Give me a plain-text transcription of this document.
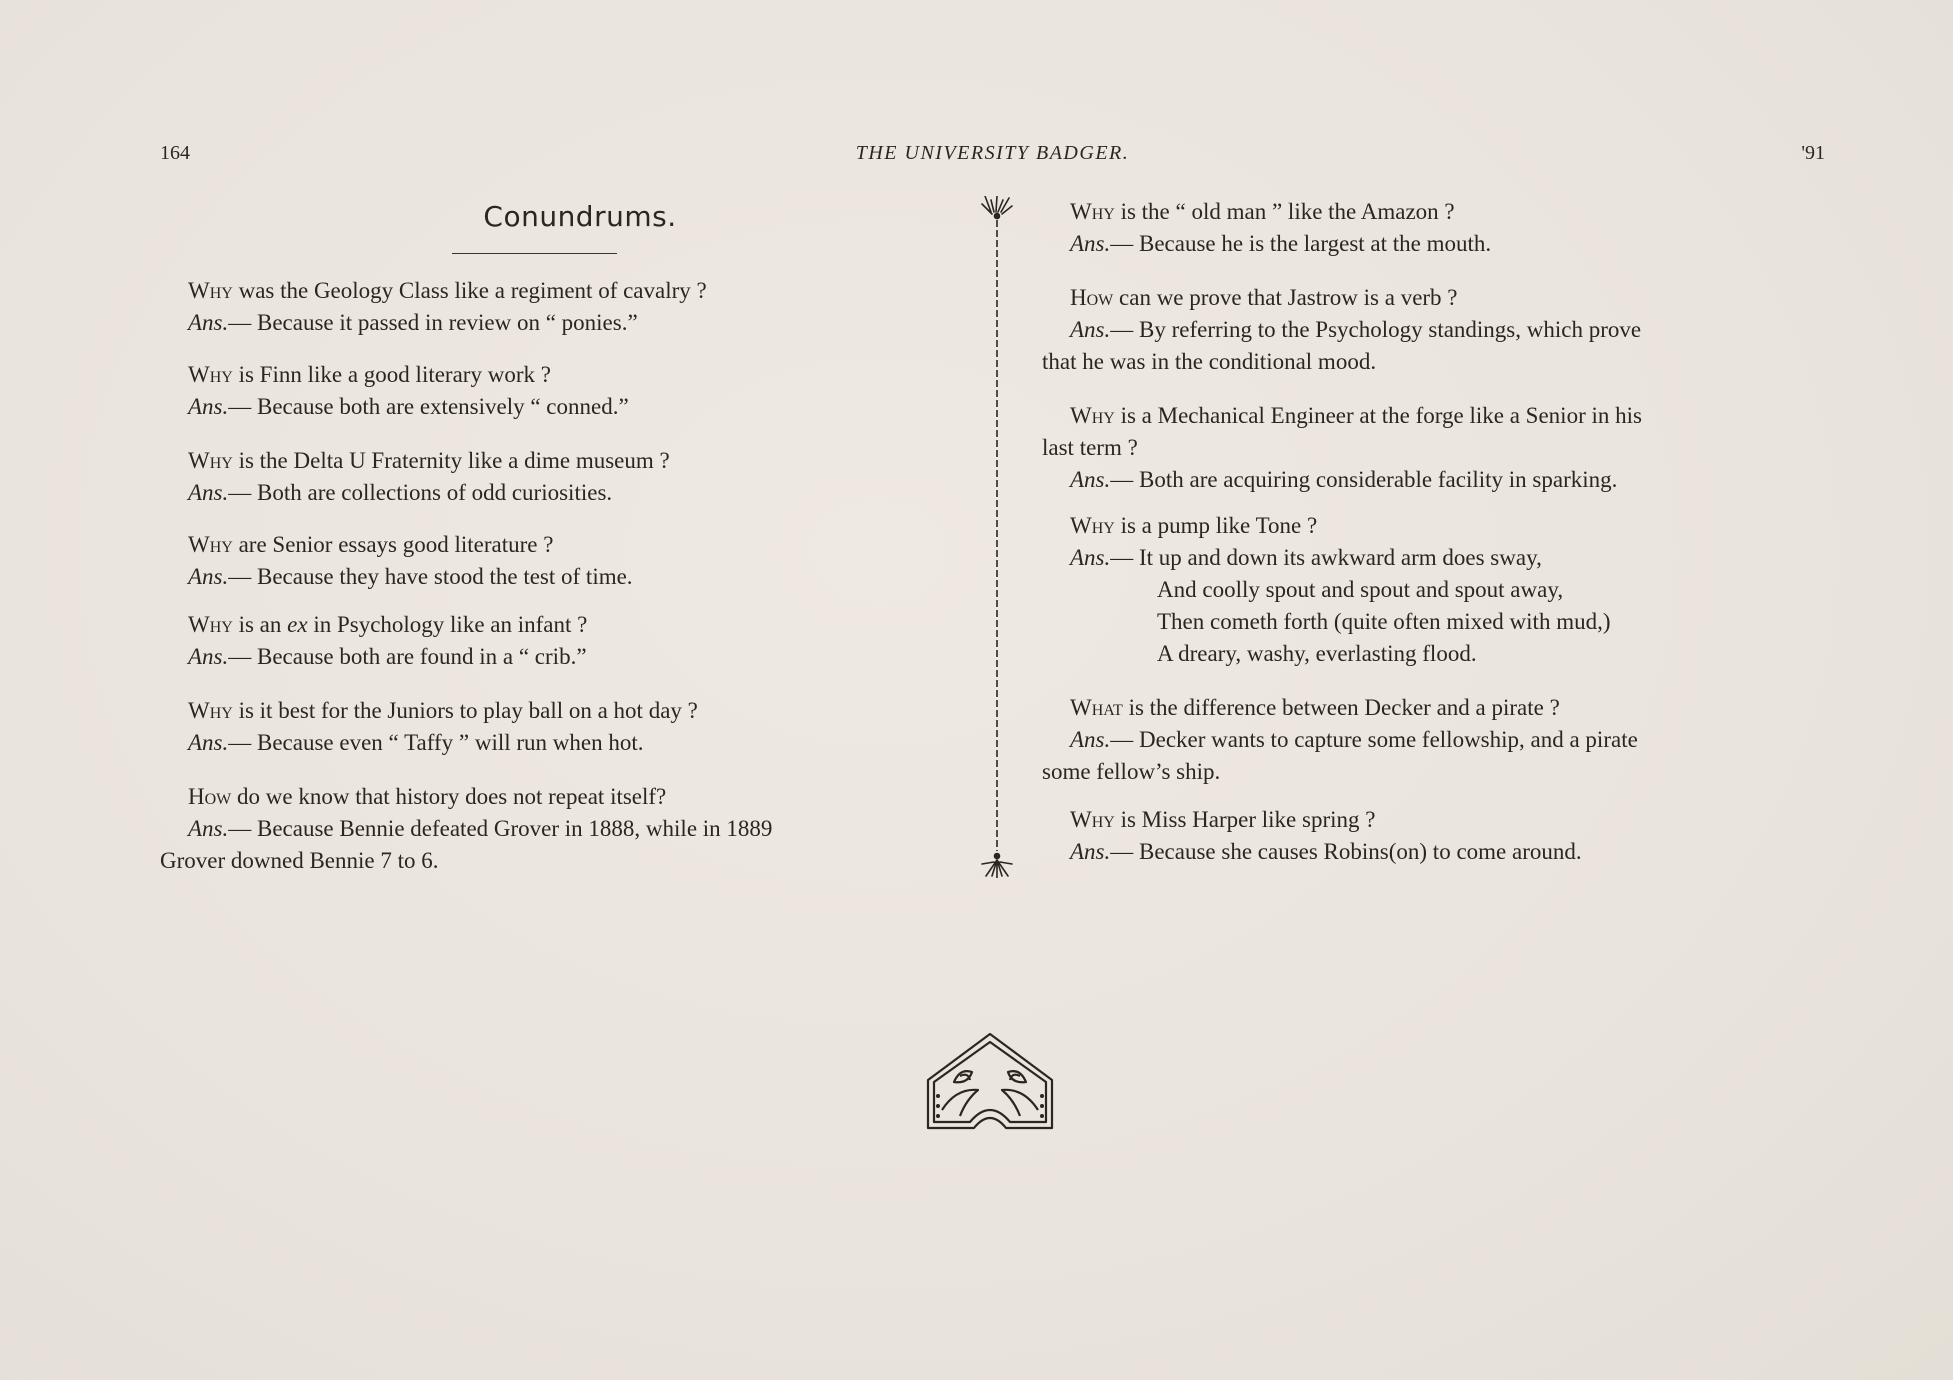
164	THE UNIVERSITY BADGER.	'91
Conundrums.
Why was the Geology Class like a regiment of cavalry ?
Ans.— Because it passed in review on “ ponies.”
Why is Finn like a good literary work ?
Ans.— Because both are extensively “ conned.”
Why is the Delta U Fraternity like a dime museum ?
Ans.— Both are collections of odd curiosities.
Why are Senior essays good literature ?
Ans.— Because they have stood the test of time.
Why is an ex in Psychology like an infant ?
Ans.— Because both are found in a “ crib.”
Why is it best for the Juniors to play ball on a hot day ?
Ans.— Because even “ Taffy ” will run when hot.
How do we know that history does not repeat itself?
Ans.— Because Bennie defeated Grover in 1888, while in 1889
Grover downed Bennie 7 to 6.
Why is the “ old man ” like the Amazon ?
Ans.— Because he is the largest at the mouth.
How can we prove that Jastrow is a verb ?
Ans.— By referring to the Psychology standings, which prove
that he was in the conditional mood.
Why is a Mechanical Engineer at the forge like a Senior in his
last term ?
Ans.— Both are acquiring considerable facility in sparking.
Why is a pump like Tone ?
Ans.— It up and down its awkward arm does sway,
And coolly spout and spout and spout away,
Then cometh forth (quite often mixed with mud,)
A dreary, washy, everlasting flood.
What is the difference between Decker and a pirate ?
Ans.— Decker wants to capture some fellowship, and a pirate
some fellow’s ship.
Why is Miss Harper like spring ?
Ans.— Because she causes Robins(on) to come around.
